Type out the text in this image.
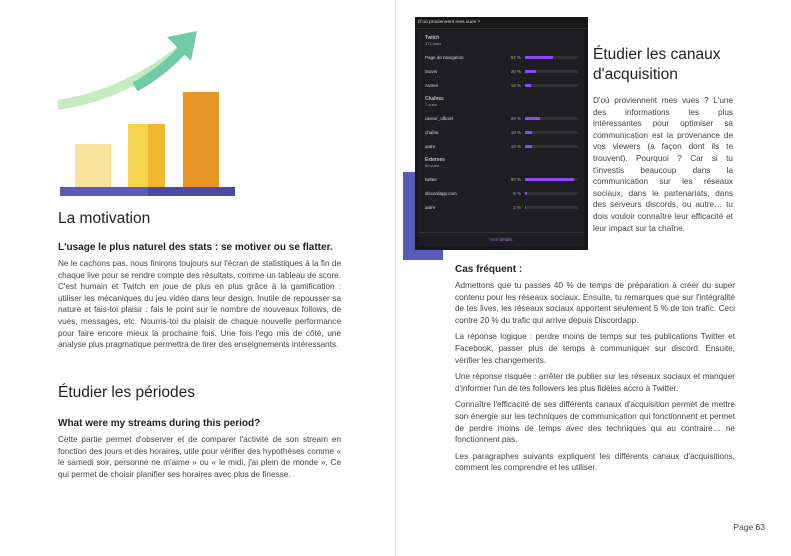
La motivation
L'usage le plus naturel des stats : se motiver ou se flatter.
Ne le cachons pas, nous finirons toujours sur l'écran de statistiques à la fin de chaque live pour se rendre compte des résultats, comme un tableau de score. C'est humain et Twitch en joue de plus en plus grâce à la gamification : utiliser les mécaniques du jeu vidéo dans leur design. Inutile de repousser sa nature et fais-toi plaisir : fais le point sur le nombre de nouveaux follows, de vues, messages, etc. Nourris-toi du plaisir de chaque nouvelle performance pour faire encore mieux la prochaine fois. Une fois l'ego mis de côté, une analyse plus pragmatique permettra de tirer des enseignements intéressants.
Étudier les périodes
What were my streams during this period?
Cette partie permet d'observer et de comparer l'activité de son stream en fonction des jours et des horaires, utile pour vérifier des hypothèses comme « le samedi soir, personne ne m'aime » ou « le midi, j'ai plein de monde ». Ce qui permet de choisir planifier ses horaires avec plus de finesse.
D'où proviennent mes vues ?
Twitch
171 vues
Page de navigation	52 %
Suivis	20 %
Autres	18 %
Chaînes
7 vues
raveor_officiel	28 %
chaîne	10 %
autre	10 %
Externes
60 vues
twitter	90 %
discordapp.com	5 %
autre	2 %
Voir détails
Étudier les canaux d'acquisition
D'où proviennent mes vues ? L'une des informations les plus intéressantes pour optimiser sa communication est la provenance de vos viewers (a façon dont ils te trouvent). Pourquoi ? Car si tu t'investis beaucoup dans la communication sur les réseaux sociaux, dans le partenariats, dans des serveurs discords, ou autre… tu dois vouloir connaître leur efficacité et leur impact sur ta chaîne.
Cas fréquent :

Admettons que tu passes 40 % de temps de préparation à créer du super contenu pour les réseaux sociaux. Ensuite, tu remarques que sur l'intégralité de tes lives, les réseaux sociaux apportent seulement 5 % de ton trafic. Ceci contre 20 % du trafic qui arrive depuis Discordapp.

La réponse logique : perdre moins de temps sur tes publications Twitter et Facebook, passer plus de temps à communiquer sur discord. Ensuite, vérifier les changements.

Une réponse risquée : arrêter de publier sur les réseaux sociaux et manquer d'informer l'un de tes followers les plus fidèles accro à Twitter.

Connaître l'efficacité de ses différents canaux d'acquisition permet de mettre son énergie sur les techniques de communication qui fonctionnent et permet de perdre moins de temps avec des techniques qui au contraire… ne fonctionnent pas.

Les paragraphes suivants expliquent les différents canaux d'acquisitions, comment les comprendre et les utiliser.

Page 63
